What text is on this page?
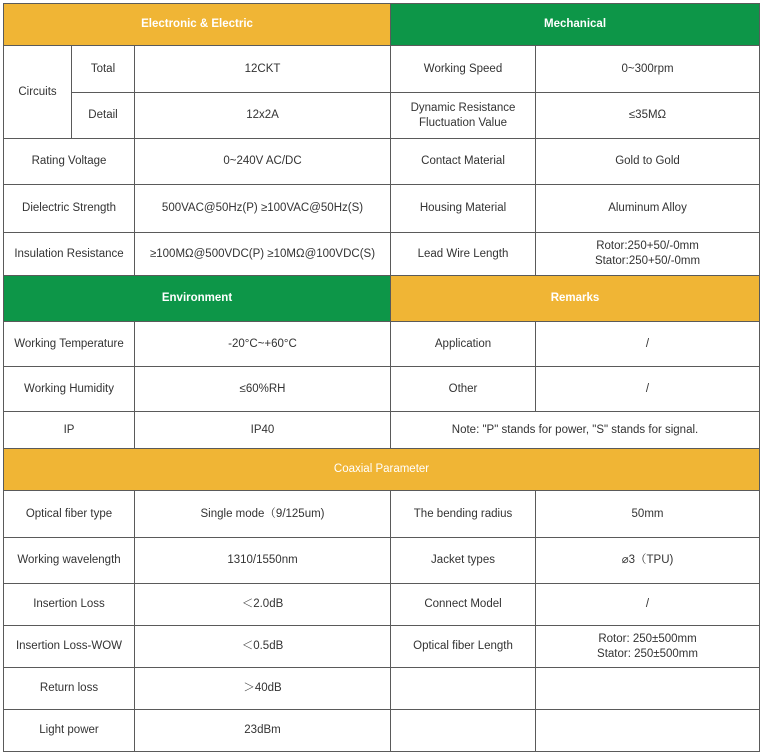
Electronic & Electric			Mechanical	
Circuits	Total	12CKT	Working Speed	0~300rpm
	Detail	12x2A	Dynamic Resistance
Fluctuation Value	≤35MΩ
Rating Voltage		0~240V AC/DC	Contact Material	Gold to Gold
Dielectric Strength		500VAC@50Hz(P) ≥100VAC@50Hz(S)	Housing Material	Aluminum Alloy
Insulation Resistance		≥100MΩ@500VDC(P) ≥10MΩ@100VDC(S)	Lead Wire Length	Rotor:250+50/-0mm
Stator:250+50/-0mm

Environment			Remarks	
Working Temperature		-20°C~+60°C	Application	/
Working Humidity		≤60%RH	Other	/
IP		IP40	Note: "P" stands for power, "S" stands for signal.	
Coaxial Parameter				
Optical fiber type		Single mode（9/125um)	The bending radius	50mm
Working wavelength		1310/1550nm	Jacket types	⌀3（TPU)
Insertion Loss		＜2.0dB	Connect Model	/
Insertion Loss-WOW		＜0.5dB	Optical fiber Length	Rotor: 250±500mm
Stator: 250±500mm

Return loss		＞40dB		
Light power		23dBm		
